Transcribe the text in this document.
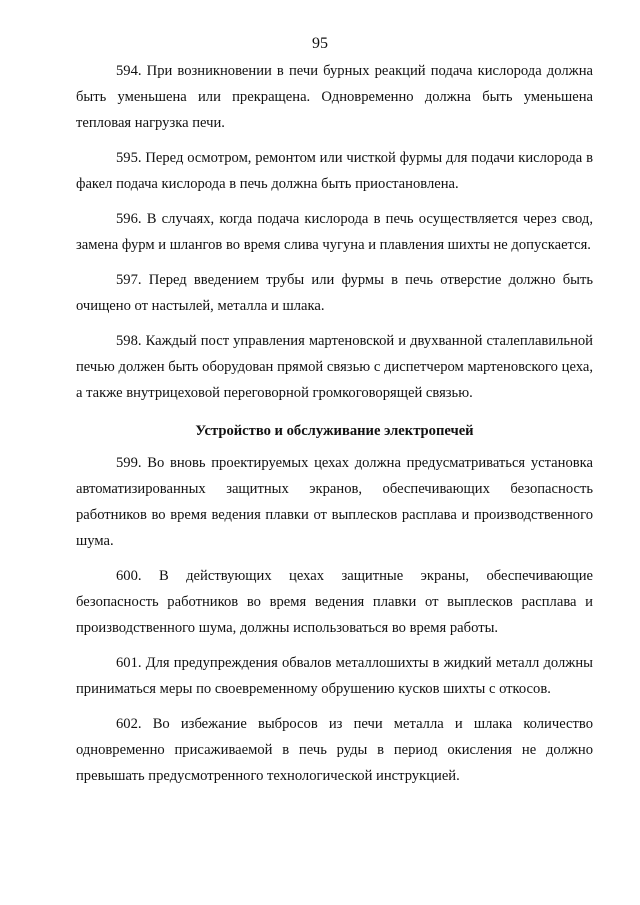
95

594. При возникновении в печи бурных реакций подача кислорода должна быть уменьшена или прекращена. Одновременно должна быть уменьшена тепловая нагрузка печи.

595. Перед осмотром, ремонтом или чисткой фурмы для подачи кислорода в факел подача кислорода в печь должна быть приостановлена.

596. В случаях, когда подача кислорода в печь осуществляется через свод, замена фурм и шлангов во время слива чугуна и плавления шихты не допускается.

597. Перед введением трубы или фурмы в печь отверстие должно быть очищено от настылей, металла и шлака.

598. Каждый пост управления мартеновской и двухванной сталеплавильной печью должен быть оборудован прямой связью с диспетчером мартеновского цеха, а также внутрицеховой переговорной громкоговорящей связью.

Устройство и обслуживание электропечей

599. Во вновь проектируемых цехах должна предусматриваться установка автоматизированных защитных экранов, обеспечивающих безопасность работников во время ведения плавки от выплесков расплава и производственного шума.

600. В действующих цехах защитные экраны, обеспечивающие безопасность работников во время ведения плавки от выплесков расплава и производственного шума, должны использоваться во время работы.

601. Для предупреждения обвалов металлошихты в жидкий металл должны приниматься меры по своевременному обрушению кусков шихты с откосов.

602. Во избежание выбросов из печи металла и шлака количество одновременно присаживаемой в печь руды в период окисления не должно превышать предусмотренного технологической инструкцией.
